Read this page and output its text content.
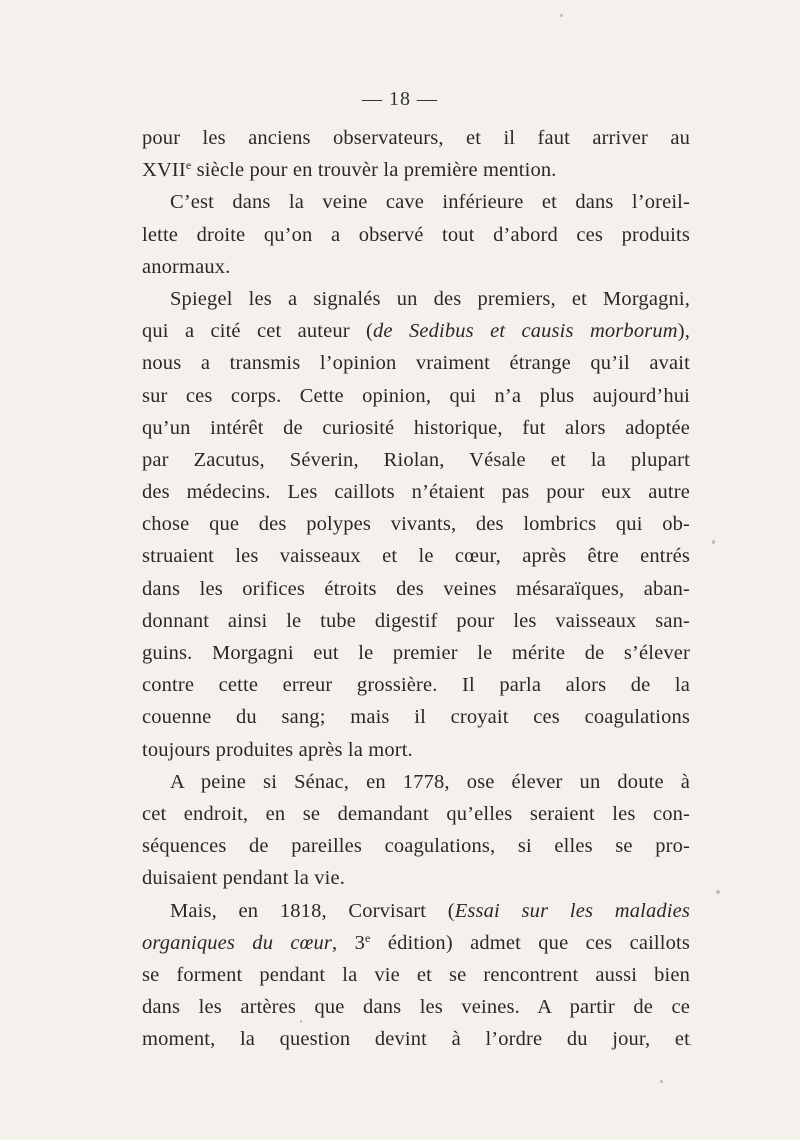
— 18 —
pour les anciens observateurs, et il faut arriver au
XVIIe siècle pour en trouvèr la première mention.
C’est dans la veine cave inférieure et dans l’oreil-
lette droite qu’on a observé tout d’abord ces produits
anormaux.
Spiegel les a signalés un des premiers, et Morgagni,
qui a cité cet auteur (de Sedibus et causis morborum),
nous a transmis l’opinion vraiment étrange qu’il avait
sur ces corps. Cette opinion, qui n’a plus aujourd’hui
qu’un intérêt de curiosité historique, fut alors adoptée
par Zacutus, Séverin, Riolan, Vésale et la plupart
des médecins. Les caillots n’étaient pas pour eux autre
chose que des polypes vivants, des lombrics qui ob-
struaient les vaisseaux et le cœur, après être entrés
dans les orifices étroits des veines mésaraïques, aban-
donnant ainsi le tube digestif pour les vaisseaux san-
guins. Morgagni eut le premier le mérite de s’élever
contre cette erreur grossière. Il parla alors de la
couenne du sang; mais il croyait ces coagulations
toujours produites après la mort.
A peine si Sénac, en 1778, ose élever un doute à
cet endroit, en se demandant qu’elles seraient les con-
séquences de pareilles coagulations, si elles se pro-
duisaient pendant la vie.
Mais, en 1818, Corvisart (Essai sur les maladies
organiques du cœur, 3e édition) admet que ces caillots
se forment pendant la vie et se rencontrent aussi bien
dans les artères que dans les veines. A partir de ce
moment, la question devint à l’ordre du jour, et
